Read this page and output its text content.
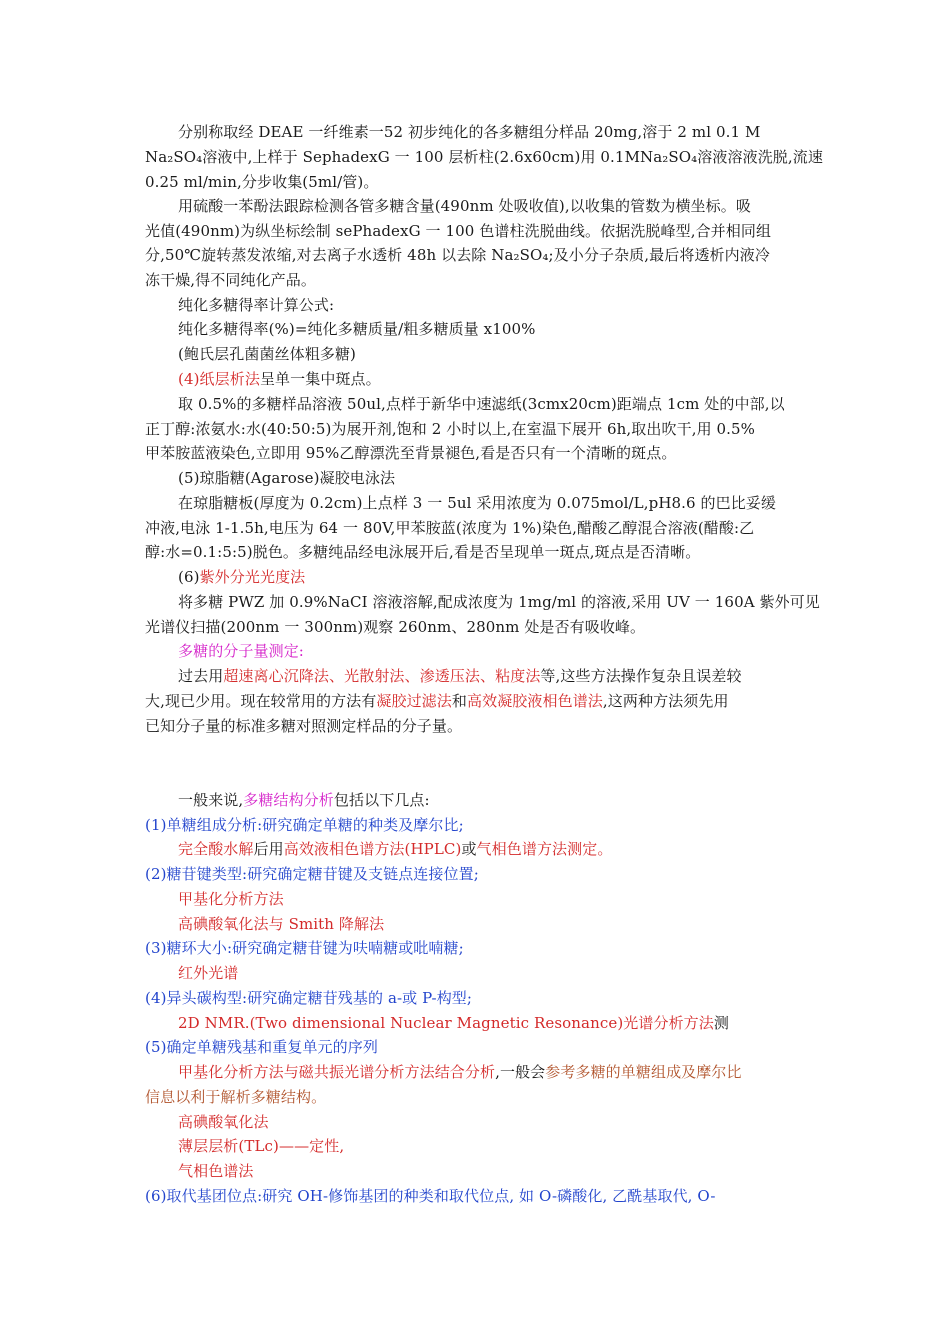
分别称取经 DEAE 一纤维素一52 初步纯化的各多糖组分样品 20mg,溶于 2 ml 0.1 M
Na₂SO₄溶液中,上样于 SephadexG 一 100 层析柱(2.6x60cm)用 0.1MNa₂SO₄溶液溶液洗脱,流速
0.25 ml/min,分步收集(5ml/管)。
用硫酸一苯酚法跟踪检测各管多糖含量(490nm 处吸收值),以收集的管数为横坐标。吸
光值(490nm)为纵坐标绘制 sePhadexG 一 100 色谱柱洗脱曲线。依据洗脱峰型,合并相同组
分,50℃旋转蒸发浓缩,对去离子水透析 48h 以去除 Na₂SO₄;及小分子杂质,最后将透析内液冷
冻干燥,得不同纯化产品。
纯化多糖得率计算公式:
纯化多糖得率(%)=纯化多糖质量/粗多糖质量 x100%
(鲍氏层孔菌菌丝体粗多糖)
(4)纸层析法呈单一集中斑点。
取 0.5%的多糖样品溶液 50ul,点样于新华中速滤纸(3cmx20cm)距端点 1cm 处的中部,以
正丁醇:浓氨水:水(40:50:5)为展开剂,饱和 2 小时以上,在室温下展开 6h,取出吹干,用 0.5%
甲苯胺蓝液染色,立即用 95%乙醇漂洗至背景褪色,看是否只有一个清晰的斑点。
(5)琼脂糖(Agarose)凝胶电泳法
在琼脂糖板(厚度为 0.2cm)上点样 3 一 5ul 采用浓度为 0.075mol/L,pH8.6 的巴比妥缓
冲液,电泳 1-1.5h,电压为 64 一 80V,甲苯胺蓝(浓度为 1%)染色,醋酸乙醇混合溶液(醋酸:乙
醇:水=0.1:5:5)脱色。多糖纯品经电泳展开后,看是否呈现单一斑点,斑点是否清晰。
(6)紫外分光光度法
将多糖 PWZ 加 0.9%NaCI 溶液溶解,配成浓度为 1mg/ml 的溶液,采用 UV 一 160A 紫外可见
光谱仪扫描(200nm 一 300nm)观察 260nm、280nm 处是否有吸收峰。
多糖的分子量测定:
过去用超速离心沉降法、光散射法、渗透压法、粘度法等,这些方法操作复杂且误差较
大,现已少用。现在较常用的方法有凝胶过滤法和高效凝胶液相色谱法,这两种方法须先用
已知分子量的标准多糖对照测定样品的分子量。
一般来说,多糖结构分析包括以下几点:
(1)单糖组成分析:研究确定单糖的种类及摩尔比;
完全酸水解后用高效液相色谱方法(HPLC)或气相色谱方法测定。
(2)糖苷键类型:研究确定糖苷键及支链点连接位置;
甲基化分析方法
高碘酸氧化法与 Smith 降解法
(3)糖环大小:研究确定糖苷键为呋喃糖或吡喃糖;
红外光谱
(4)异头碳构型:研究确定糖苷残基的 a-或 P-构型;
2D NMR.(Two dimensional Nuclear Magnetic Resonance)光谱分析方法测
(5)确定单糖残基和重复单元的序列
甲基化分析方法与磁共振光谱分析方法结合分析,一般会参考多糖的单糖组成及摩尔比
信息以利于解析多糖结构。
高碘酸氧化法
薄层层析(TLc)——定性,
气相色谱法
(6)取代基团位点:研究 OH-修饰基团的种类和取代位点, 如 O-磷酸化, 乙酰基取代, O-
